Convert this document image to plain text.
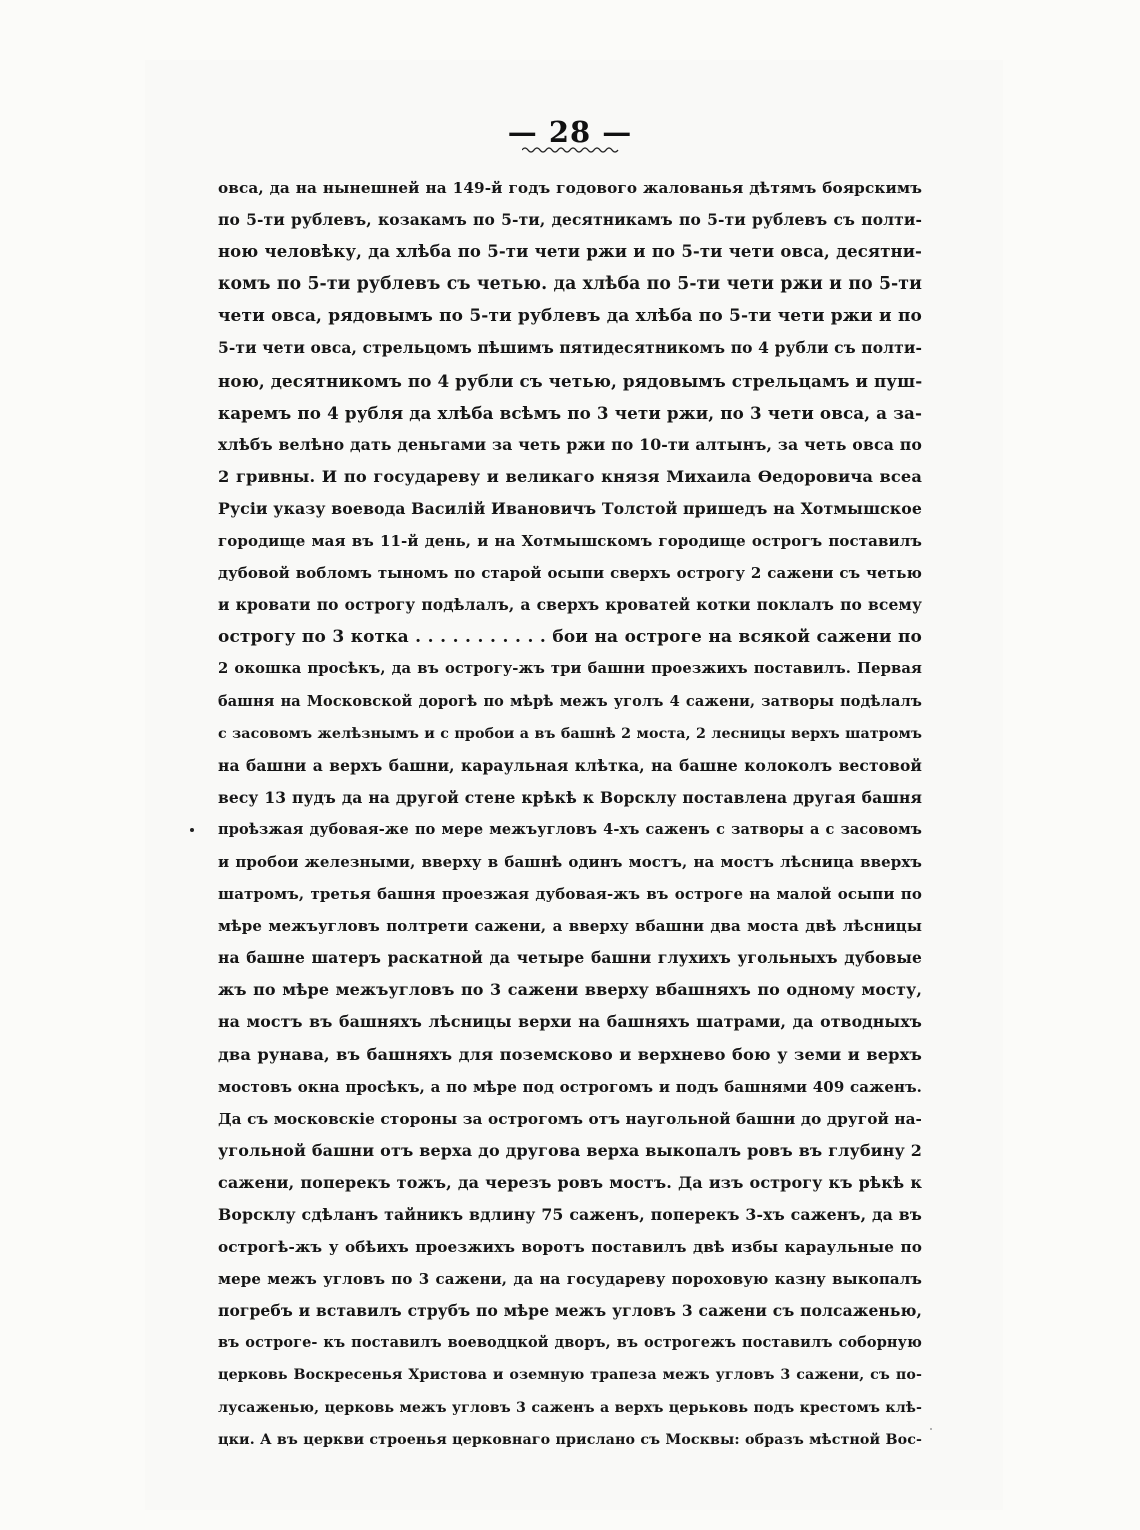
— 28 —
овса, да на нынешней на 149-й годъ годового жалованья дѣтямъ боярскимъ
по 5-ти рублевъ, козакамъ по 5-ти, десятникамъ по 5-ти рублевъ съ полти-
ною человѣку, да хлѣба по 5-ти чети ржи и по 5-ти чети овса, десятни-
комъ по 5-ти рублевъ съ четью. да хлѣба по 5-ти чети ржи и по 5-ти
чети овса, рядовымъ по 5-ти рублевъ да хлѣба по 5-ти чети ржи и по
5-ти чети овса, стрельцомъ пѣшимъ пятидесятникомъ по 4 рубли съ полти-
ною, десятникомъ по 4 рубли съ четью, рядовымъ стрельцамъ и пуш-
каремъ по 4 рубля да хлѣба всѣмъ по 3 чети ржи, по 3 чети овса, а за-
хлѣбъ велѣно дать деньгами за четь ржи по 10-ти алтынъ, за четь овса по
2 гривны. И по государеву и великаго князя Михаила Өедоровича всеа
Русіи указу воевода Василій Ивановичъ Толстой пришедъ на Хотмышское
городище мая въ 11-й день, и на Хотмышскомъ городище острогъ поставилъ
дубовой вобломъ тыномъ по старой осыпи сверхъ острогу 2 сажени съ четью
и кровати по острогу подѣлалъ, а сверхъ кроватей котки поклалъ по всему
острогу по 3 котка . . . . . . . . . . . бои на остроге на всякой сажени по
2 окошка просѣкъ, да въ острогу-жъ три башни проезжихъ поставилъ. Первая
башня на Московской дорогѣ по мѣрѣ межъ уголъ 4 сажени, затворы подѣлалъ
с засовомъ желѣзнымъ и с пробои а въ башнѣ 2 моста, 2 лесницы верхъ шатромъ
на башни а верхъ башни, караульная клѣтка, на башне колоколъ вестовой
весу 13 пудъ да на другой стене крѣкѣ к Ворсклу поставлена другая башня
проѣзжая дубовая-же по мере межъугловъ 4-хъ саженъ с затворы а с засовомъ
и пробои железными, вверху в башнѣ одинъ мостъ, на мостъ лѣсница вверхъ
шатромъ, третья башня проезжая дубовая-жъ въ остроге на малой осыпи по
мѣре межъугловъ полтрети сажени, а вверху вбашни два моста двѣ лѣсницы
на башне шатеръ раскатной да четыре башни глухихъ угольныхъ дубовые
жъ по мѣре межъугловъ по 3 сажени вверху вбашняхъ по одному мосту,
на мостъ въ башняхъ лѣсницы верхи на башняхъ шатрами, да отводныхъ
два рунава, въ башняхъ для поземсково и верхнево бою у земи и верхъ
мостовъ окна просѣкъ, а по мѣре под острогомъ и подъ башнями 409 саженъ.
Да съ московскіе стороны за острогомъ отъ наугольной башни до другой на-
угольной башни отъ верха до другова верха выкопалъ ровъ въ глубину 2
сажени, поперекъ тожъ, да черезъ ровъ мостъ. Да изъ острогу къ рѣкѣ к
Ворсклу сдѣланъ тайникъ вдлину 75 саженъ, поперекъ 3-хъ саженъ, да въ
острогѣ-жъ у обѣихъ проезжихъ воротъ поставилъ двѣ избы караульные по
мере межъ угловъ по 3 сажени, да на государеву пороховую казну выкопалъ
погребъ и вставилъ струбъ по мѣре межъ угловъ 3 сажени съ полсаженью,
въ остроге- къ поставилъ воеводцкой дворъ, въ острогежъ поставилъ соборную
церковь Воскресенья Христова и оземную трапеза межъ угловъ 3 сажени, съ по-
лусаженью, церковь межъ угловъ 3 саженъ а верхъ церьковь подъ крестомъ клѣ-
цки. А въ церкви строенья церковнаго прислано съ Москвы: образъ мѣстной Вос-
